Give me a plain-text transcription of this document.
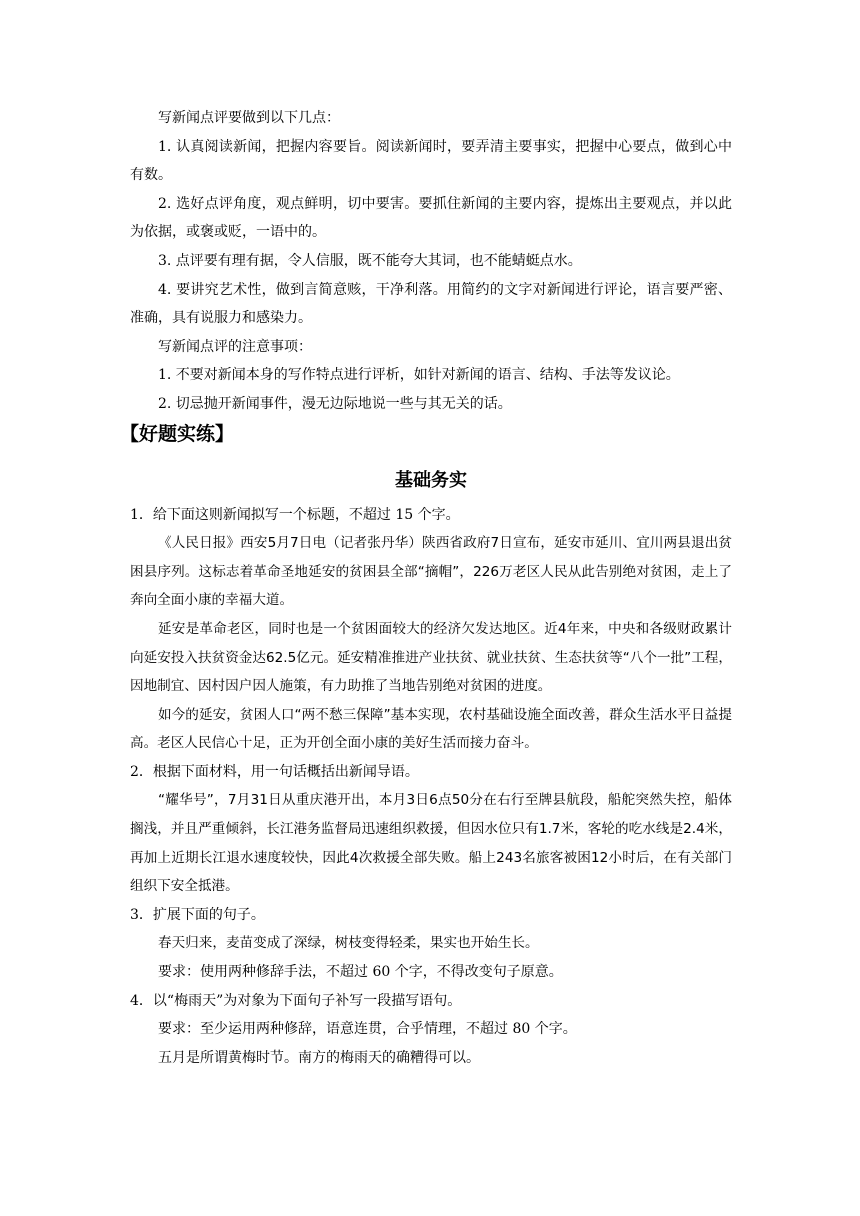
写新闻点评要做到以下几点：

1. 认真阅读新闻，把握内容要旨。阅读新闻时，要弄清主要事实，把握中心要点，做到心中有数。

2. 选好点评角度，观点鲜明，切中要害。要抓住新闻的主要内容，提炼出主要观点，并以此为依据，或褒或贬，一语中的。

3. 点评要有理有据，令人信服，既不能夸大其词，也不能蜻蜓点水。

4. 要讲究艺术性，做到言简意赅，干净利落。用简约的文字对新闻进行评论，语言要严密、准确，具有说服力和感染力。

写新闻点评的注意事项：

1. 不要对新闻本身的写作特点进行评析，如针对新闻的语言、结构、手法等发议论。

2. 切忌抛开新闻事件，漫无边际地说一些与其无关的话。

【好题实练】
基础务实

1．给下面这则新闻拟写一个标题，不超过 15 个字。

《人民日报》西安5月7日电（记者张丹华）陕西省政府7日宣布，延安市延川、宜川两县退出贫困县序列。这标志着革命圣地延安的贫困县全部“摘帽”，226万老区人民从此告别绝对贫困，走上了奔向全面小康的幸福大道。

延安是革命老区，同时也是一个贫困面较大的经济欠发达地区。近4年来，中央和各级财政累计向延安投入扶贫资金达62.5亿元。延安精准推进产业扶贫、就业扶贫、生态扶贫等“八个一批”工程，因地制宜、因村因户因人施策，有力助推了当地告别绝对贫困的进度。

如今的延安，贫困人口“两不愁三保障”基本实现，农村基础设施全面改善，群众生活水平日益提高。老区人民信心十足，正为开创全面小康的美好生活而接力奋斗。

2．根据下面材料，用一句话概括出新闻导语。

“耀华号”，7月31日从重庆港开出，本月3日6点50分在右行至牌县航段，船舵突然失控，船体搁浅，并且严重倾斜，长江港务监督局迅速组织救援，但因水位只有1.7米，客轮的吃水线是2.4米，再加上近期长江退水速度较快，因此4次救援全部失败。船上243名旅客被困12小时后，在有关部门组织下安全抵港。

3．扩展下面的句子。

春天归来，麦苗变成了深绿，树枝变得轻柔，果实也开始生长。

要求：使用两种修辞手法，不超过 60 个字，不得改变句子原意。

4．以“梅雨天”为对象为下面句子补写一段描写语句。

要求：至少运用两种修辞，语意连贯，合乎情理，不超过 80 个字。

五月是所谓黄梅时节。南方的梅雨天的确糟得可以。
